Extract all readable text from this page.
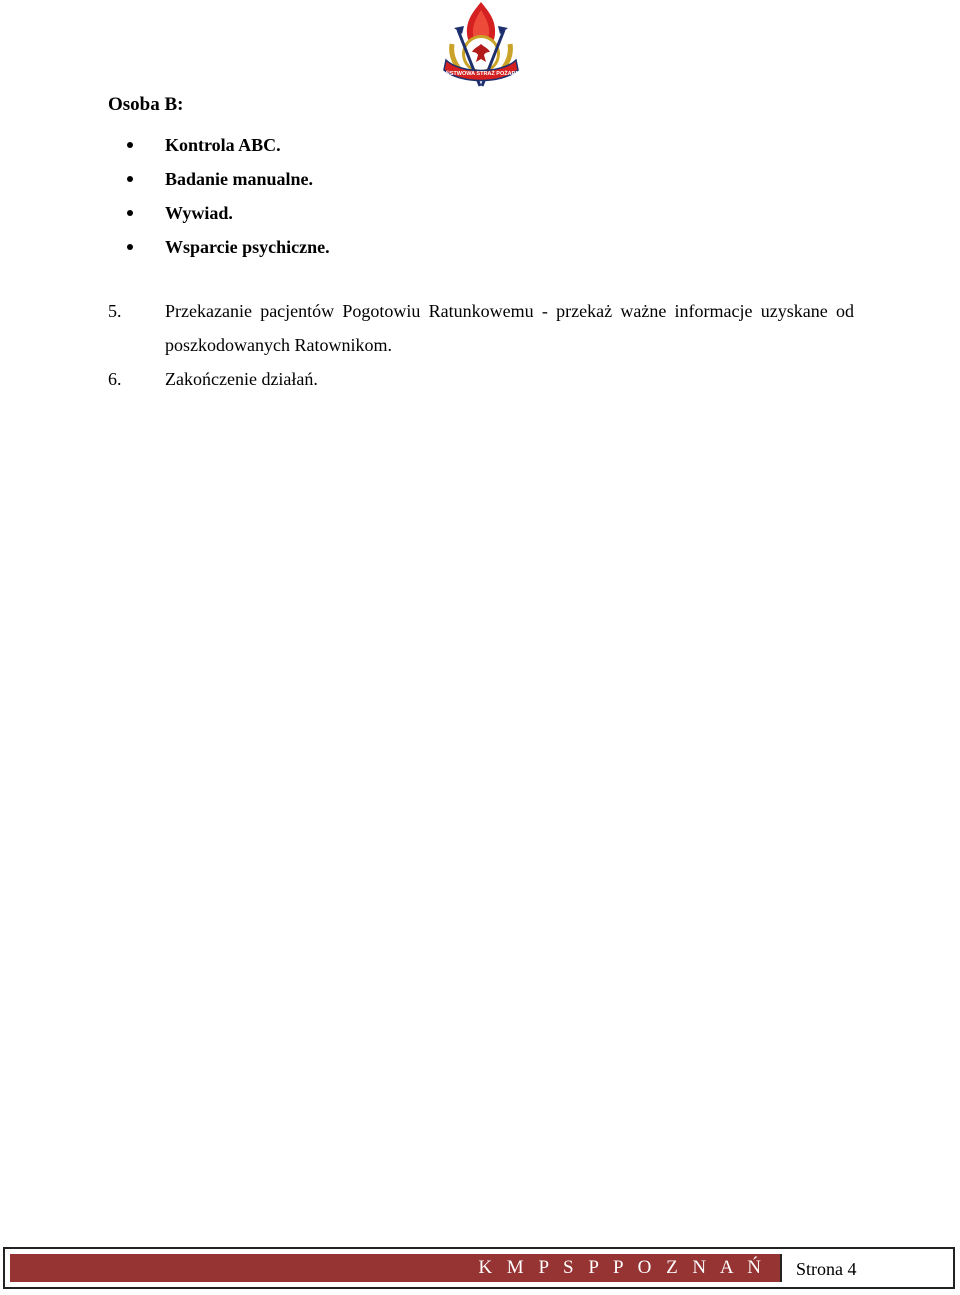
PAŃSTWOWA STRAŻ POŻARNA
Osoba B:
Kontrola ABC.
Badanie manualne.
Wywiad.
Wsparcie psychiczne.
5. Przekazanie pacjentów Pogotowiu Ratunkowemu - przekaż ważne informacje uzyskane od poszkodowanych Ratownikom.
6. Zakończenie działań.
K M P S P P O Z N A Ń	Strona 4
